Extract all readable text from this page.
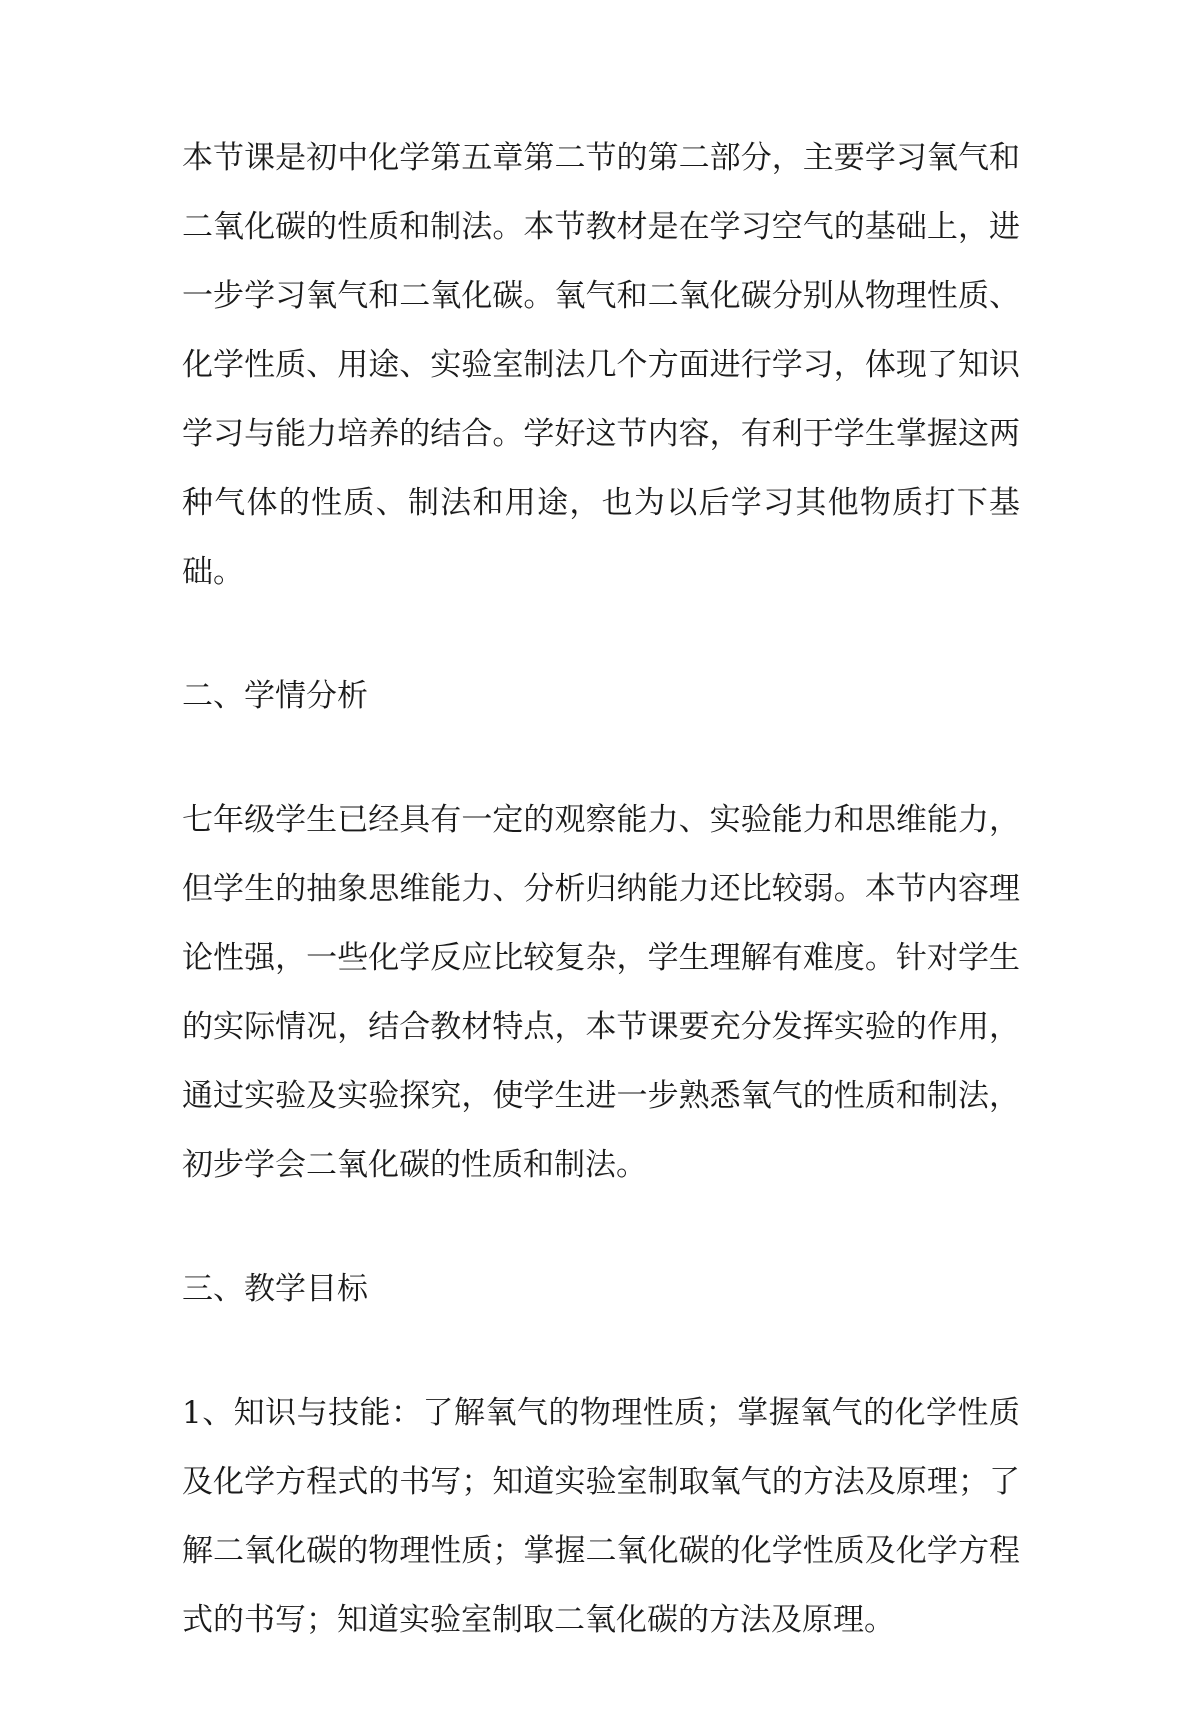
本节课是初中化学第五章第二节的第二部分，主要学习氧气和二氧化碳的性质和制法。本节教材是在学习空气的基础上，进一步学习氧气和二氧化碳。氧气和二氧化碳分别从物理性质、化学性质、用途、实验室制法几个方面进行学习，体现了知识学习与能力培养的结合。学好这节内容，有利于学生掌握这两种气体的性质、制法和用途，也为以后学习其他物质打下基础。

二、学情分析

七年级学生已经具有一定的观察能力、实验能力和思维能力，但学生的抽象思维能力、分析归纳能力还比较弱。本节内容理论性强，一些化学反应比较复杂，学生理解有难度。针对学生的实际情况，结合教材特点，本节课要充分发挥实验的作用，通过实验及实验探究，使学生进一步熟悉氧气的性质和制法，初步学会二氧化碳的性质和制法。

三、教学目标

1、知识与技能：了解氧气的物理性质；掌握氧气的化学性质及化学方程式的书写；知道实验室制取氧气的方法及原理；了解二氧化碳的物理性质；掌握二氧化碳的化学性质及化学方程式的书写；知道实验室制取二氧化碳的方法及原理。
